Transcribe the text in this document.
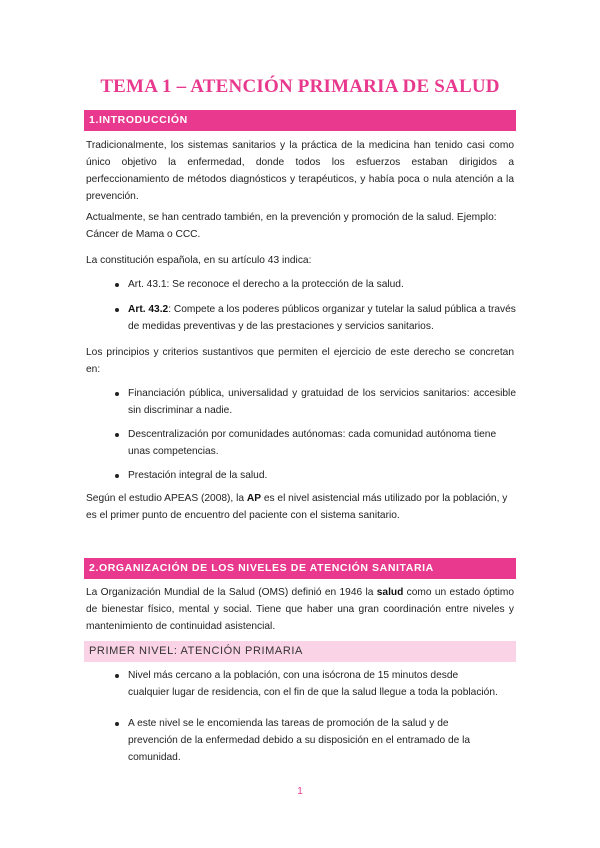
TEMA 1 – ATENCIÓN PRIMARIA DE SALUD
1.INTRODUCCIÓN

Tradicionalmente, los sistemas sanitarios y la práctica de la medicina han tenido casi como único objetivo la enfermedad, donde todos los esfuerzos estaban dirigidos a perfeccionamiento de métodos diagnósticos y terapéuticos, y había poca o nula atención a la prevención.

Actualmente, se han centrado también, en la prevención y promoción de la salud. Ejemplo: Cáncer de Mama o CCC.

La constitución española, en su artículo 43 indica:

Art. 43.1: Se reconoce el derecho a la protección de la salud.

Art. 43.2: Compete a los poderes públicos organizar y tutelar la salud pública a través de medidas preventivas y de las prestaciones y servicios sanitarios.

Los principios y criterios sustantivos que permiten el ejercicio de este derecho se concretan en:

Financiación pública, universalidad y gratuidad de los servicios sanitarios: accesible sin discriminar a nadie.

Descentralización por comunidades autónomas: cada comunidad autónoma tiene unas competencias.

Prestación integral de la salud.

Según el estudio APEAS (2008), la AP es el nivel asistencial más utilizado por la población, y es el primer punto de encuentro del paciente con el sistema sanitario.

2.ORGANIZACIÓN DE LOS NIVELES DE ATENCIÓN SANITARIA

La Organización Mundial de la Salud (OMS) definió en 1946 la salud como un estado óptimo de bienestar físico, mental y social. Tiene que haber una gran coordinación entre niveles y mantenimiento de continuidad asistencial.

PRIMER NIVEL: ATENCIÓN PRIMARIA

Nivel más cercano a la población, con una isócrona de 15 minutos desde cualquier lugar de residencia, con el fin de que la salud llegue a toda la población.

A este nivel se le encomienda las tareas de promoción de la salud y de prevención de la enfermedad debido a su disposición en el entramado de la comunidad.

1
